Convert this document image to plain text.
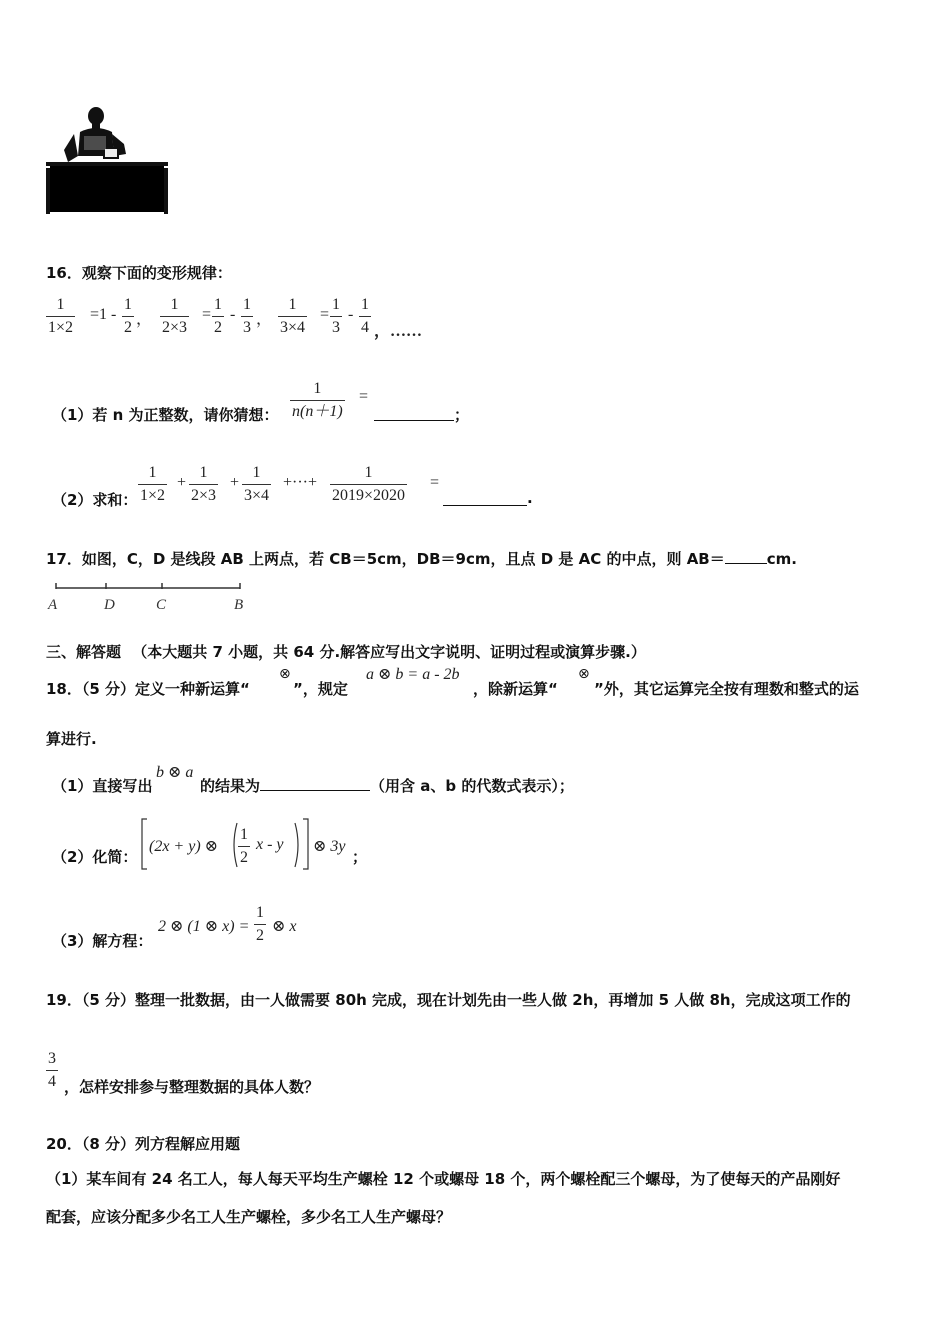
16．观察下面的变形规律：
$\frac{1}{1\times 2} =1 - \frac{1}{2}$ ， $\frac{1}{2\times 3} = \frac{1}{2} - \frac{1}{3}$ ， $\frac{1}{3\times 4} = \frac{1}{3} - \frac{1}{4}$ ，……
（1）若 n 为正整数，请你猜想： $\frac{1}{n(n+1)}$ =
；
（2）求和： $\frac{1}{1\times 2} + \frac{1}{2\times 3} + \frac{1}{3\times 4}$ +···+ $\frac{1}{2019\times 2020}$ =
.
17．如图，C，D 是线段 AB 上两点，若 CB＝5cm，DB＝9cm，且点 D 是 AC 的中点，则 AB＝	cm.
A	D	C	B
三、解答题 （本大题共 7 小题，共 64 分.解答应写出文字说明、证明过程或演算步骤.）
18．（5 分）定义一种新运算“
⊗
”，规定
a ⊗ b = a - 2b
，除新运算“
⊗
”外，其它运算完全按有理数和整式的运
算进行.
（1）直接写出
b ⊗ a
的结果为	（用含 a、b 的代数式表示）；
（2）化简：
(2x + y) ⊗ $\frac{1}{2}$ x - y ⊗ 3y
；
（3）解方程：
2 ⊗ (1 ⊗ $x) = \frac{1}{2}$ ⊗ x
19．（5 分）整理一批数据，由一人做需要 80h 完成，现在计划先由一些人做 2h，再增加 5 人做 8h，完成这项工作的
$\frac{3}{4}$ ，怎样安排参与整理数据的具体人数？
20．（8 分）列方程解应用题
（1）某车间有 24 名工人，每人每天平均生产螺栓 12 个或螺母 18 个，两个螺栓配三个螺母，为了使每天的产品刚好
配套，应该分配多少名工人生产螺栓，多少名工人生产螺母？
